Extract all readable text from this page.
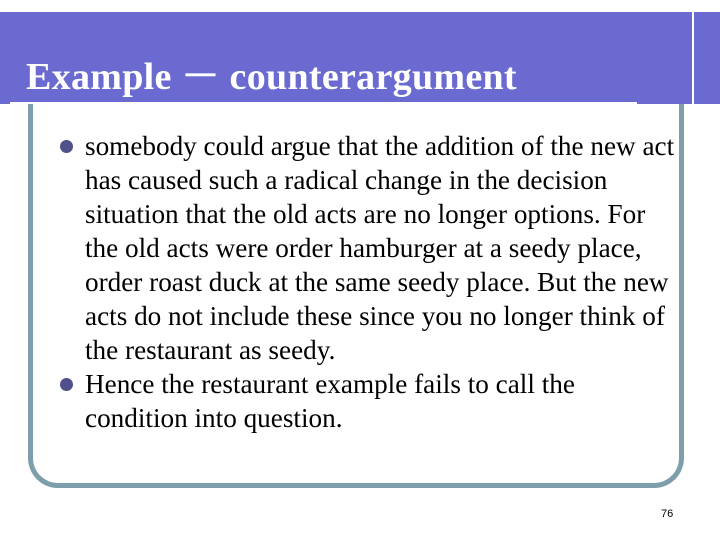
Example － counterargument
somebody could argue that the addition of the new act has caused such a radical change in the decision situation that the old acts are no longer options. For the old acts were order hamburger at a seedy place, order roast duck at the same seedy place. But the new acts do not include these since you no longer think of the restaurant as seedy.
Hence the restaurant example fails to call the condition into question.
76
